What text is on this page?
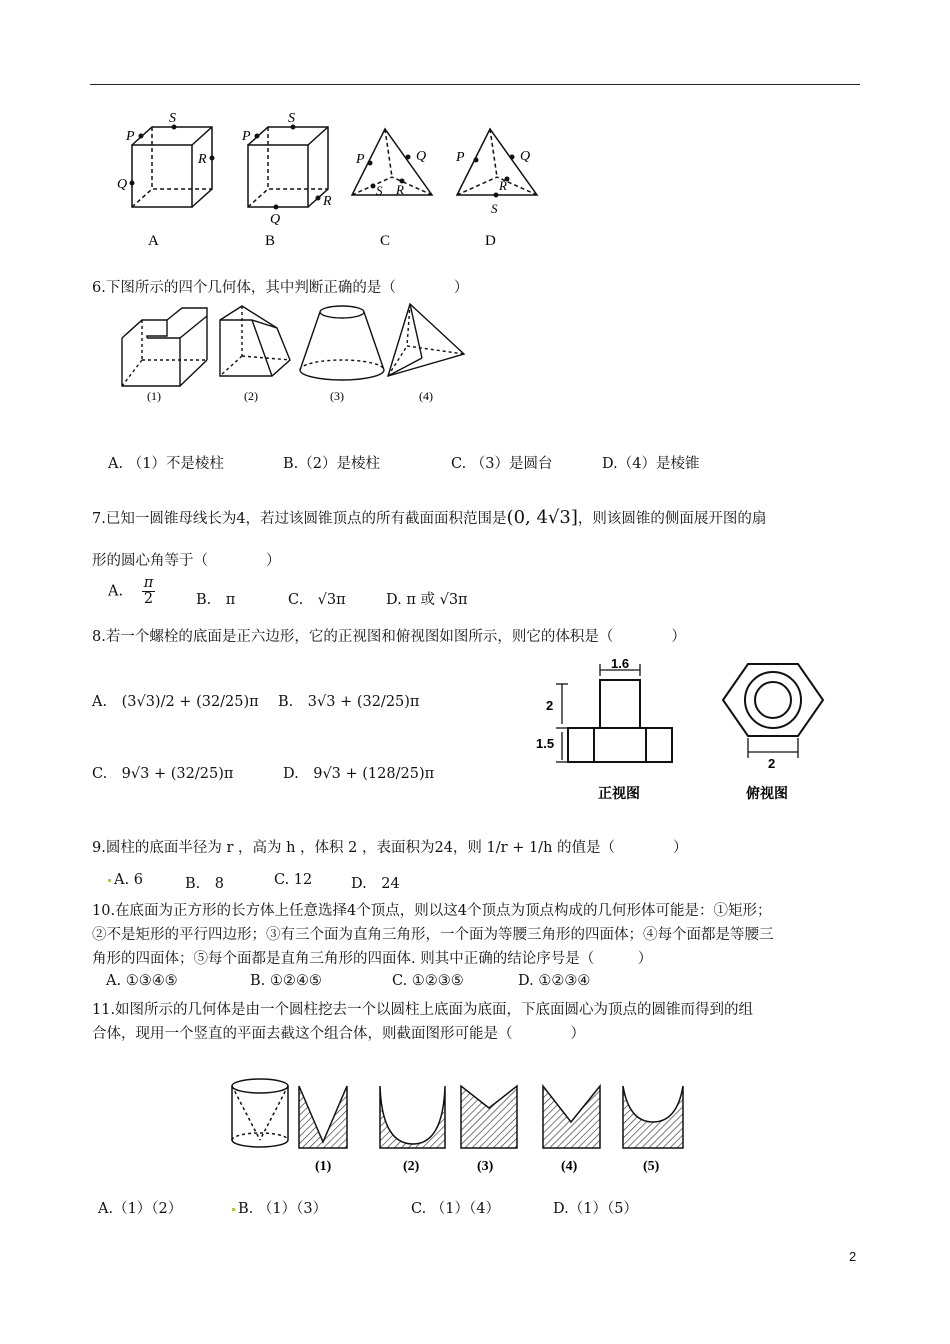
S
P
R
Q
A
S
P
Q
R
B
P	Q
S R
C
P	Q
S
R
D
6.下图所示的四个几何体，其中判断正确的是（　　　　）
(1)	(2)	(3)	(4)
A. （1）不是棱柱	B.（2）是棱柱	C. （3）是圆台	D.（4）是棱锥
7.已知一圆锥母线长为4，若过该圆锥顶点的所有截面面积范围是(0, 4√3]，则该圆锥的侧面展开图的扇
形的圆心角等于（　　　　）
A. $\frac{\pi}{2}$	B.　π	C.　√3π	D. π 或 √3π
8.若一个螺栓的底面是正六边形，它的正视图和俯视图如图所示，则它的体积是（　　　　）
A.　(3√3)/2 + (32/25)π B.　3√3 + (32/25)π
C.　9√3 + (32/25)π	D.　9√3 + (128/25)π
1.6
2
1.5
2
正视图	俯视图
9.圆柱的底面半径为 r ，高为 h ，体积 2 ，表面积为24，则 1/r + 1/h 的值是（　　　　）
A. 6	B.　8	C. 12	D.　24
10.在底面为正方形的长方体上任意选择4个顶点，则以这4个顶点为顶点构成的几何形体可能是：①矩形；
②不是矩形的平行四边形；③有三个面为直角三角形，一个面为等腰三角形的四面体；④每个面都是等腰三
角形的四面体；⑤每个面都是直角三角形的四面体. 则其中正确的结论序号是（　　　）
A. ①③④⑤	B. ①②④⑤	C. ①②③⑤	D. ①②③④
11.如图所示的几何体是由一个圆柱挖去一个以圆柱上底面为底面，下底面圆心为顶点的圆锥而得到的组
合体，现用一个竖直的平面去截这个组合体，则截面图形可能是（　　　　）
(1)	(2)	(3)	(4)	(5)
A.（1）（2）	B. （1）（3）	C. （1）（4）	D.（1）（5）
2
